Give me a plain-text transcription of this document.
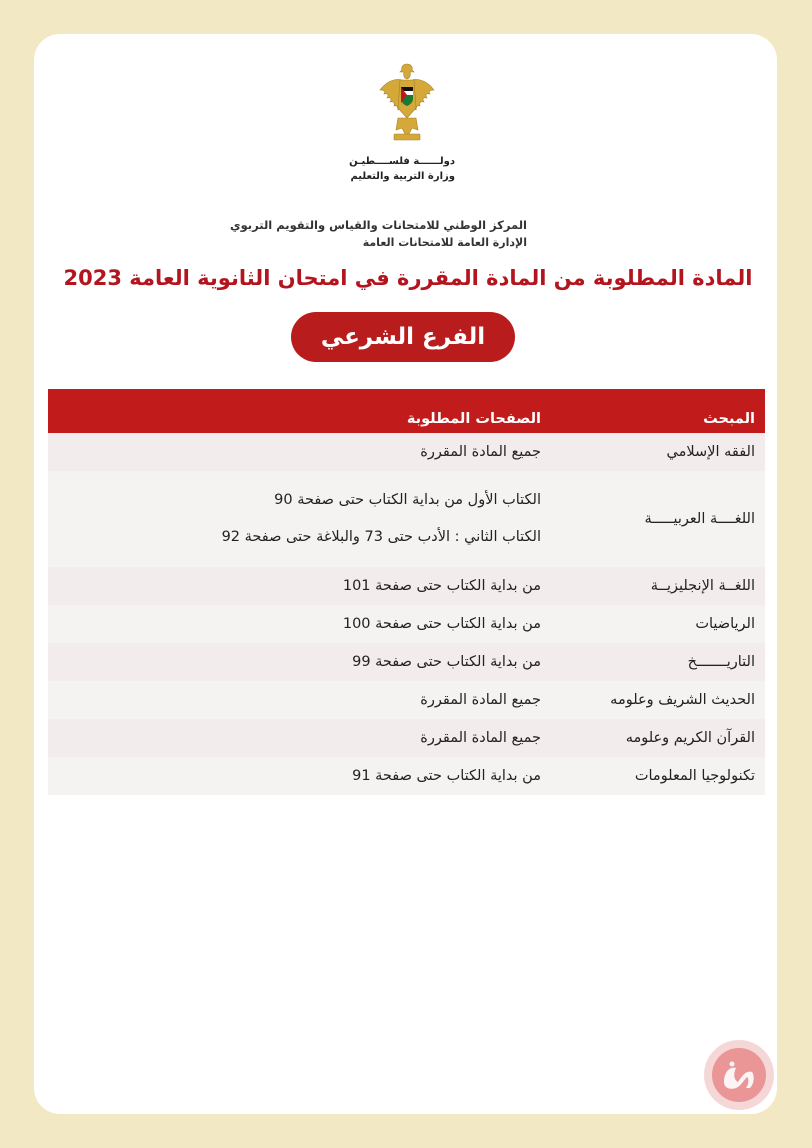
دولــــــة فلســــطيـن
وزارة التربية والتعليم
المركز الوطني للامتحانات والقياس والتقويم التربوي
الإدارة العامة للامتحانات العامة
المادة المطلوبة من المادة المقررة في امتحان الثانوية العامة 2023
الفرع الشرعي
المبحث	الصفحات المطلوبة
الفقه الإسلامي	جميع المادة المقررة
اللغــــة العربيـــــة	الكتاب الأول من بداية الكتاب حتى صفحة 90
الكتاب الثاني : الأدب حتى 73 والبلاغة حتى صفحة 92

اللغــة الإنجليزيــة	من بداية الكتاب حتى صفحة 101
الرياضيات	من بداية الكتاب حتى صفحة 100
التاريـــــــخ	من بداية الكتاب حتى صفحة 99
الحديث الشريف وعلومه	جميع المادة المقررة
القرآن الكريم وعلومه	جميع المادة المقررة
تكنولوجيا المعلومات	من بداية الكتاب حتى صفحة 91
